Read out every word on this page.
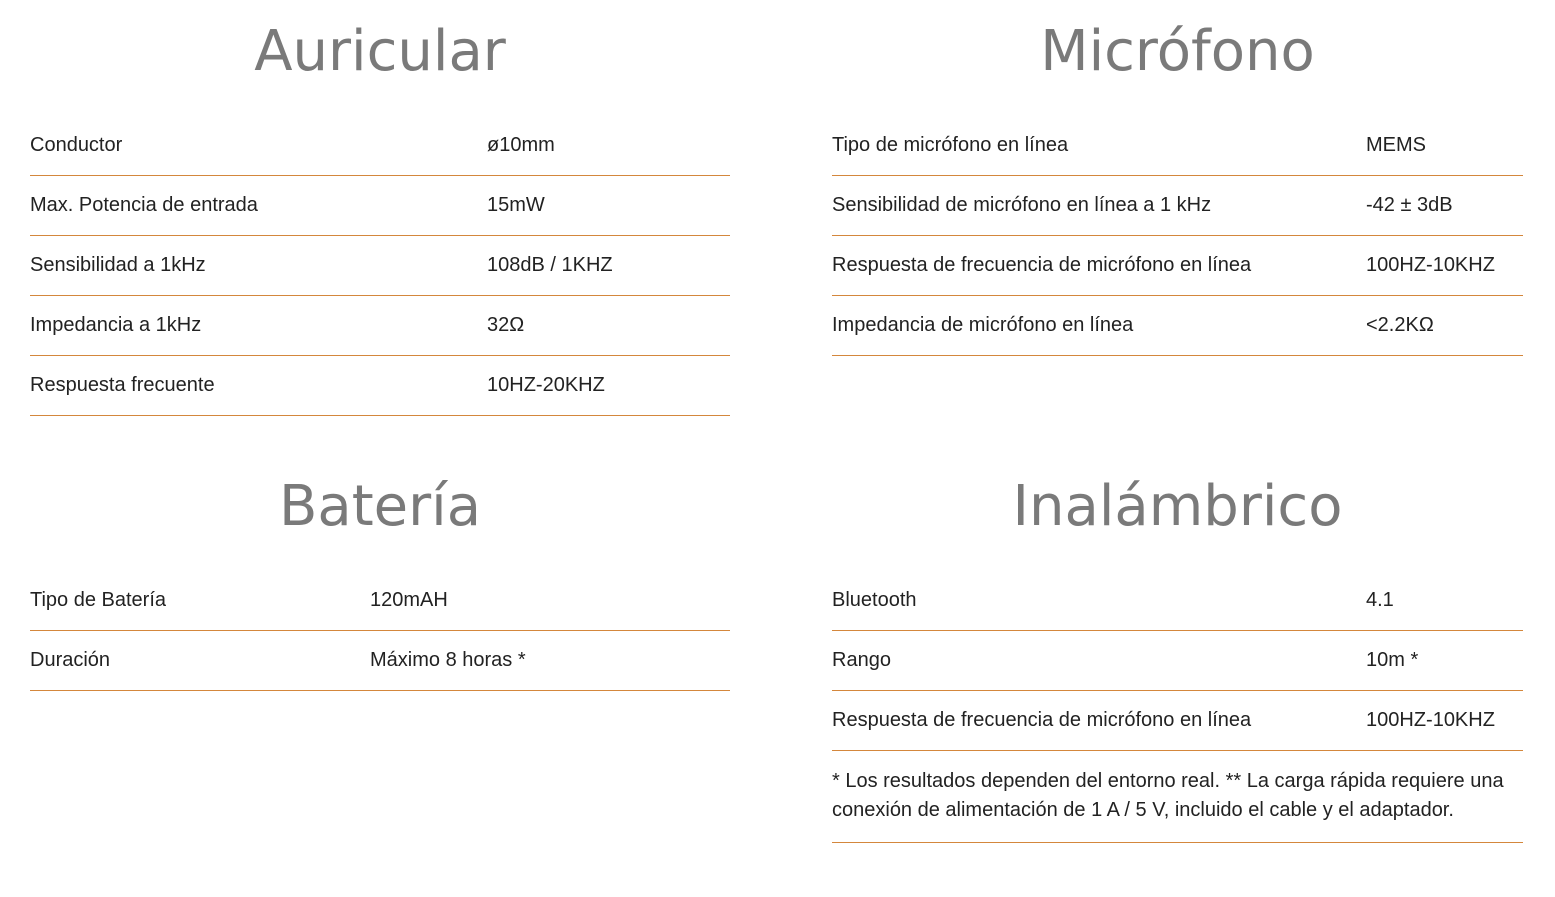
Auricular
Conductor	ø10mm
Max. Potencia de entrada	15mW
Sensibilidad a 1kHz	108dB / 1KHZ
Impedancia a 1kHz	32Ω
Respuesta frecuente	10HZ-20KHZ
Micrófono
Tipo de micrófono en línea	MEMS
Sensibilidad de micrófono en línea a 1 kHz	-42 ± 3dB
Respuesta de frecuencia de micrófono en línea	100HZ-10KHZ
Impedancia de micrófono en línea	<2.2KΩ
Batería
Tipo de Batería	120mAH
Duración	Máximo 8 horas *
Inalámbrico
Bluetooth	4.1
Rango	10m *
Respuesta de frecuencia de micrófono en línea	100HZ-10KHZ
* Los resultados dependen del entorno real. ** La carga rápida requiere una conexión de alimentación de 1 A / 5 V, incluido el cable y el adaptador.
